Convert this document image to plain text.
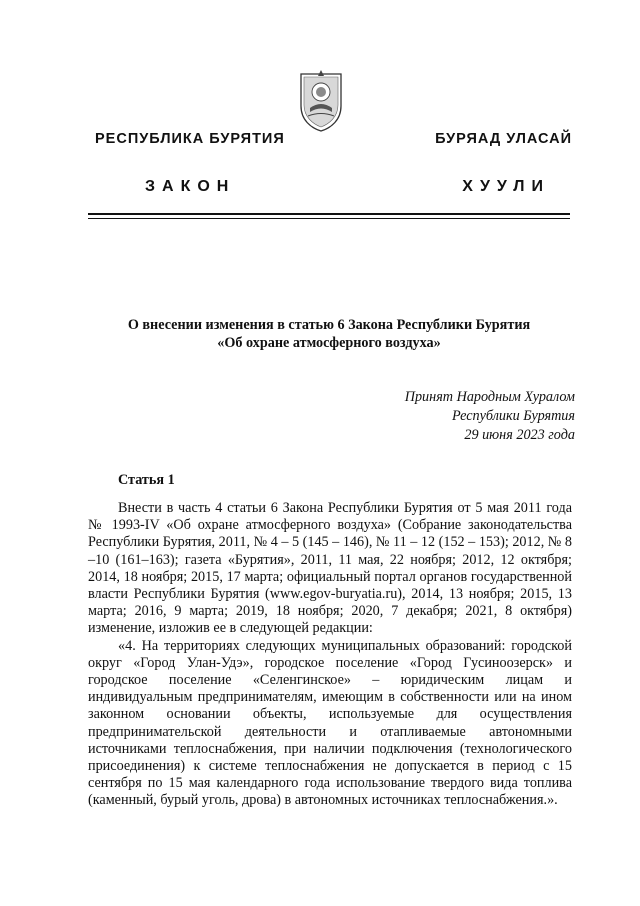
РЕСПУБЛИКА БУРЯТИЯ	БУРЯАД УЛАСАЙ
ЗАКОН	ХУУЛИ
О внесении изменения в статью 6 Закона Республики Бурятия
«Об охране атмосферного воздуха»
Принят Народным Хуралом
Республики Бурятия
29 июня 2023 года
Статья 1

Внести в часть 4 статьи 6 Закона Республики Бурятия от 5 мая 2011 года № 1993-IV «Об охране атмосферного воздуха» (Собрание законодательства Республики Бурятия, 2011, № 4 – 5 (145 – 146), № 11 – 12 (152 – 153); 2012, № 8 –10 (161–163); газета «Бурятия», 2011, 11 мая, 22 ноября; 2012, 12 октября; 2014, 18 ноября; 2015, 17 марта; официальный портал органов государственной власти Республики Бурятия (www.egov-buryatia.ru), 2014, 13 ноября; 2015, 13 марта; 2016, 9 марта; 2019, 18 ноября; 2020, 7 декабря; 2021, 8 октября) изменение, изложив ее в следующей редакции:

«4. На территориях следующих муниципальных образований: городской округ «Город Улан-Удэ», городское поселение «Город Гусиноозерск» и городское поселение «Селенгинское» – юридическим лицам и индивидуальным предпринимателям, имеющим в собственности или на ином законном основании объекты, используемые для осуществления предпринимательской деятельности и отапливаемые автономными источниками теплоснабжения, при наличии подключения (технологического присоединения) к системе теплоснабжения не допускается в период с 15 сентября по 15 мая календарного года использование твердого вида топлива (каменный, бурый уголь, дрова) в автономных источниках теплоснабжения.».
